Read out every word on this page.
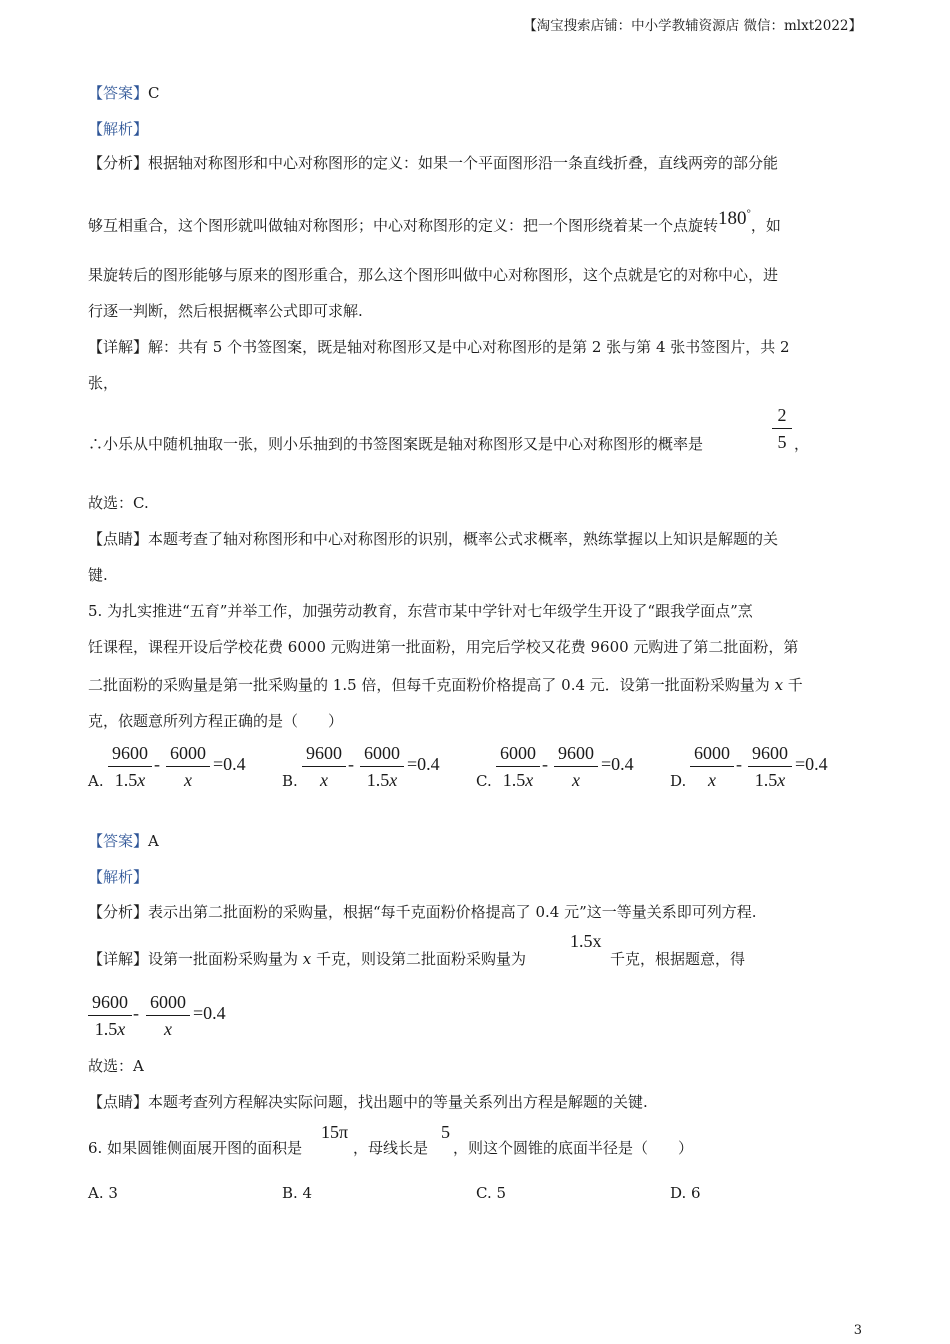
【淘宝搜索店铺：中小学教辅资源店 微信：mlxt2022】
【答案】C
【解析】
【分析】根据轴对称图形和中心对称图形的定义：如果一个平面图形沿一条直线折叠，直线两旁的部分能
够互相重合，这个图形就叫做轴对称图形；中心对称图形的定义：把一个图形绕着某一个点旋转180°，如
果旋转后的图形能够与原来的图形重合，那么这个图形叫做中心对称图形，这个点就是它的对称中心，进
行逐一判断，然后根据概率公式即可求解.
【详解】解：共有 5 个书签图案，既是轴对称图形又是中心对称图形的是第 2 张与第 4 张书签图片，共 2
张，
∴小乐从中随机抽取一张，则小乐抽到的书签图案既是轴对称图形又是中心对称图形的概率是
2
5 ，
故选：C.
【点睛】本题考查了轴对称图形和中心对称图形的识别，概率公式求概率，熟练掌握以上知识是解题的关
键.
5. 为扎实推进“五育”并举工作，加强劳动教育，东营市某中学针对七年级学生开设了“跟我学面点”烹
饪课程，课程开设后学校花费 6000 元购进第一批面粉，用完后学校又花费 9600 元购进了第二批面粉，第
二批面粉的采购量是第一批采购量的 1.5 倍，但每千克面粉价格提高了 0.4 元．设第一批面粉采购量为 x 千
克，依题意所列方程正确的是（　　）
A.
9600
1.5x
-
6000
x
=0.4
B.
9600
x
-
6000
1.5x
=0.4
C.
6000
1.5x
-
9600
x
=0.4
D.
6000
x
-
9600
1.5x
=0.4
【答案】A
【解析】
【分析】表示出第二批面粉的采购量，根据“每千克面粉价格提高了 0.4 元”这一等量关系即可列方程.
【详解】设第一批面粉采购量为 x 千克，则设第二批面粉采购量为
1.5x
千克，根据题意，得
9600
1.5x
-
6000
x
=0.4
故选：A
【点睛】本题考查列方程解决实际问题，找出题中的等量关系列出方程是解题的关键.
6. 如果圆锥侧面展开图的面积是
15π
，母线长是
5
，则这个圆锥的底面半径是（　　）
A. 3	B. 4	C. 5	D. 6
3
